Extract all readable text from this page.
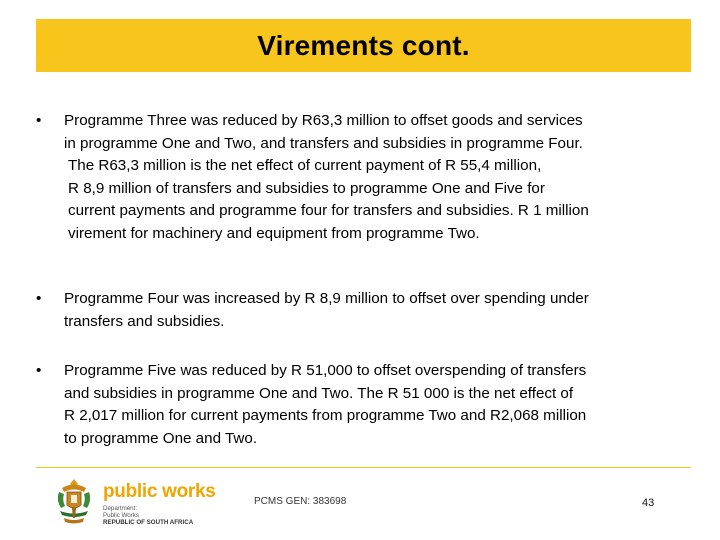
Virements cont.
•	Programme Three was reduced by R63,3 million to offset goods and services
in programme One and Two, and transfers and subsidies in programme Four.
The R63,3 million is the net effect of current payment of R 55,4 million,
R 8,9 million of transfers and subsidies to programme One and Five for
current payments and programme four for transfers and subsidies. R 1 million
virement for machinery and equipment from programme Two.
•	Programme Four was increased by R 8,9 million to offset over spending under
transfers and subsidies.
•	Programme Five was reduced by R 51,000 to offset overspending of transfers
and subsidies in programme One and Two. The R 51 000 is the net effect of
R 2,017 million for current payments from programme Two and R2,068 million
to programme One and Two.
public works
Department:
Public Works
REPUBLIC OF SOUTH AFRICA
PCMS GEN: 383698	43
